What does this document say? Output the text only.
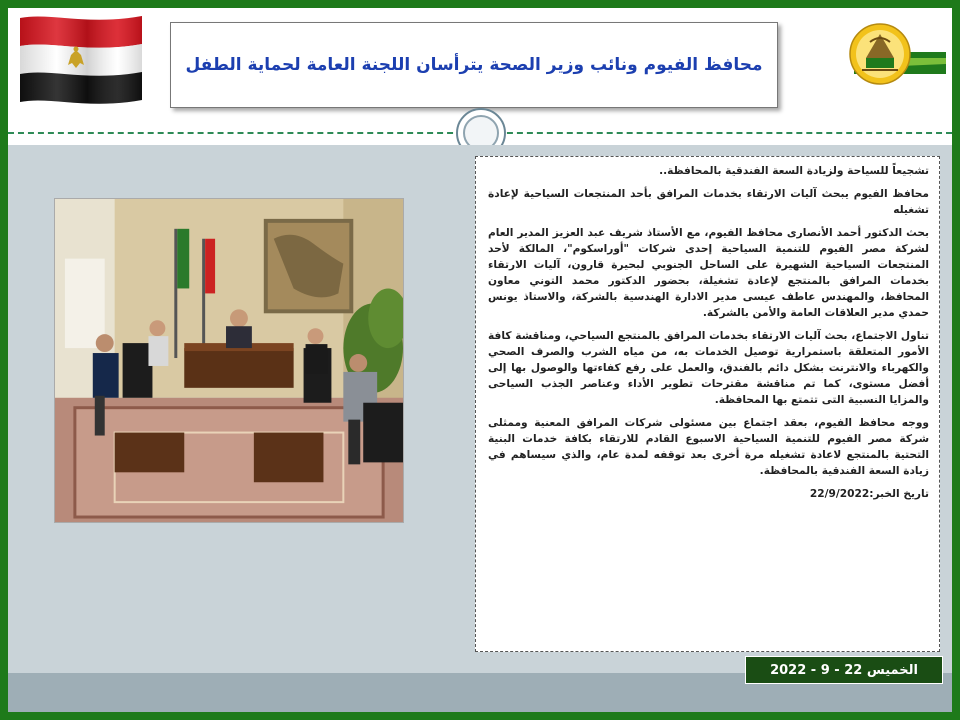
محافظ الفيوم ونائب وزير الصحة يترأسان اللجنة العامة لحماية الطفل

تشجيعاً للسياحة ولزيادة السعة الفندقية بالمحافظة..

محافظ الفيوم يبحث آليات الارتقاء بخدمات المرافق بأحد المنتجعات السياحية لإعادة تشغيله

بحث الدكتور أحمد الأنصارى محافظ الفيوم، مع الأستاذ شريف عبد العزيز المدير العام لشركة مصر الفيوم للتنمية السياحية إحدى شركات "أوراسكوم"، المالكة لأحد المنتجعات السياحية الشهيرة على الساحل الجنوبي لبحيرة قارون، آليات الارتقاء بخدمات المرافق بالمنتجع لإعادة تشغيلة، بحضور الدكتور محمد التوني معاون المحافظ، والمهندس عاطف عيسى مدير الادارة الهندسية بالشركة، والاستاذ يونس حمدي مدير العلاقات العامة والأمن بالشركة.

تناول الاجتماع، بحث آليات الارتقاء بخدمات المرافق بالمنتجع السياحي، ومناقشة كافة الأمور المتعلقة باستمرارية توصيل الخدمات به، من مياه الشرب والصرف الصحي والكهرباء والانترنت بشكل دائم بالفندق، والعمل على رفع كفاءتها والوصول بها إلى أفضل مستوى، كما تم مناقشة مقترحات تطوير الأداء وعناصر الجذب السياحى والمزايا النسبية التى تتمتع بها المحافظة.

ووجه محافظ الفيوم، بعقد اجتماع بين مسئولى شركات المرافق المعنية وممثلى شركة مصر الفيوم للتنمية السياحية الاسبوع القادم للارتقاء بكافة خدمات البنية التحتية بالمنتجع لاعادة تشغيله مرة أخرى بعد توقفه لمدة عام، والذي سيساهم في زيادة السعة الفندقية بالمحافظة.

تاريخ الخبر:22/9/2022

الخميس 22 - 9 - 2022
